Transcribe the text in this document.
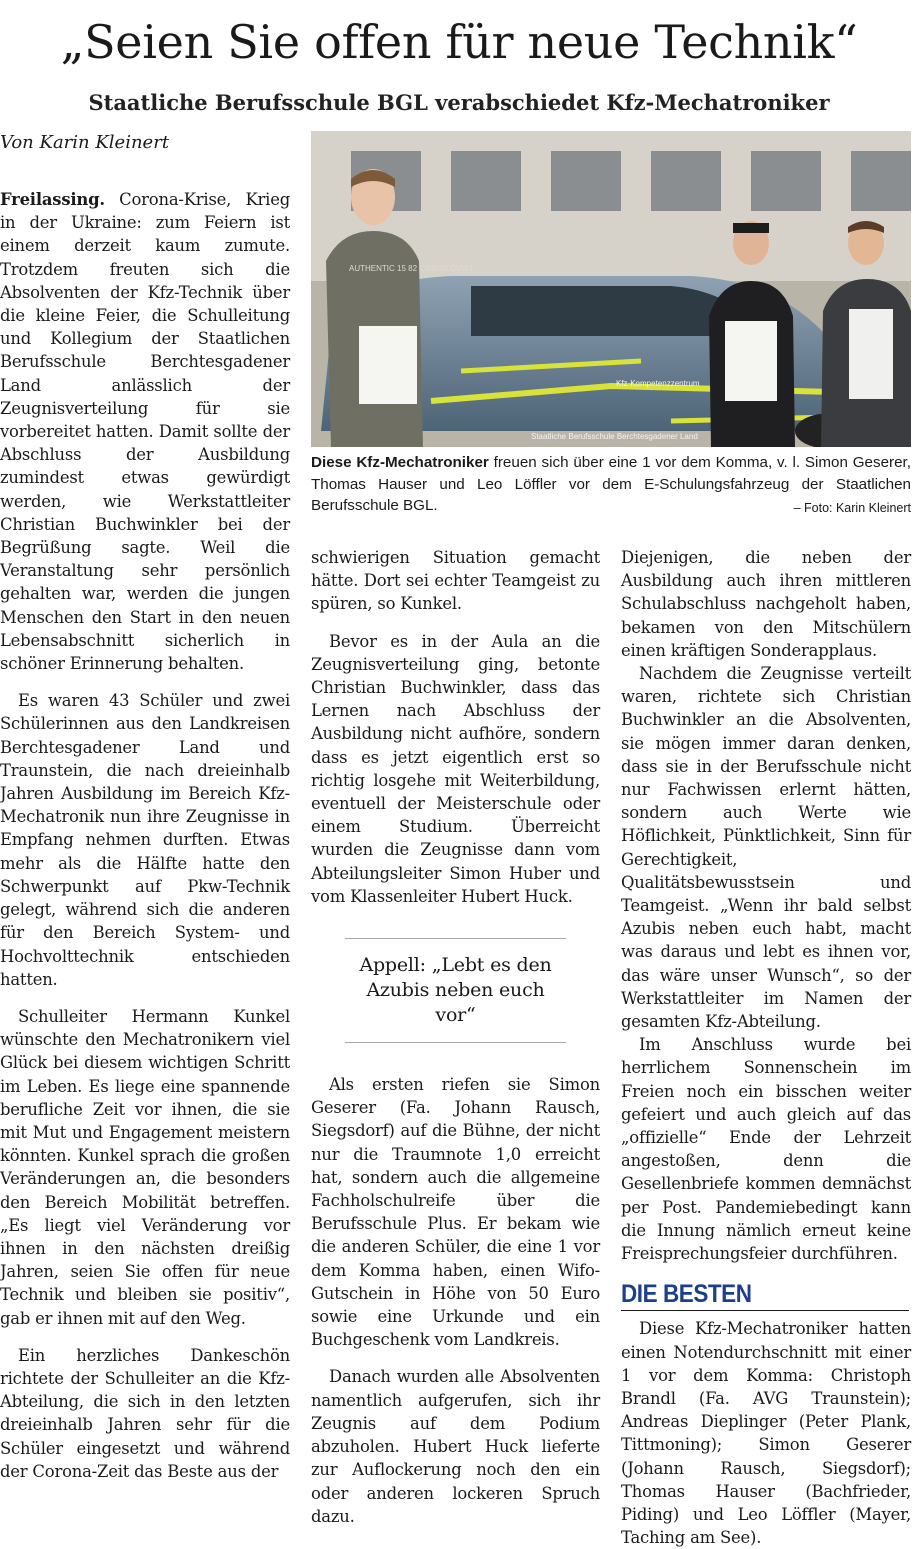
„Seien Sie offen für neue Technik“
Staatliche Berufsschule BGL verabschiedet Kfz-Mechatroniker
Von Karin Kleinert

Freilassing. Corona-Krise, Krieg in der Ukraine: zum Feiern ist einem derzeit kaum zumute. Trotzdem freuten sich die Absolventen der Kfz-Technik über die kleine Feier, die Schulleitung und Kollegium der Staatlichen Berufsschule Berchtesgadener Land anlässlich der Zeugnisverteilung für sie vorbereitet hatten. Damit sollte der Abschluss der Ausbildung zumindest etwas gewürdigt werden, wie Werkstattleiter Christian Buchwinkler bei der Begrüßung sagte. Weil die Veranstaltung sehr persönlich gehalten war, werden die jungen Menschen den Start in den neuen Lebensabschnitt sicherlich in schöner Erinnerung behalten.

Es waren 43 Schüler und zwei Schülerinnen aus den Landkreisen Berchtesgadener Land und Traunstein, die nach dreieinhalb Jahren Ausbildung im Bereich Kfz-Mechatronik nun ihre Zeugnisse in Empfang nehmen durften. Etwas mehr als die Hälfte hatte den Schwerpunkt auf Pkw-Technik gelegt, während sich die anderen für den Bereich System- und Hochvolttechnik entschieden hatten.

Schulleiter Hermann Kunkel wünschte den Mechatronikern viel Glück bei diesem wichtigen Schritt im Leben. Es liege eine spannende berufliche Zeit vor ihnen, die sie mit Mut und Engagement meistern könnten. Kunkel sprach die großen Veränderungen an, die besonders den Bereich Mobilität betreffen. „Es liegt viel Veränderung vor ihnen in den nächsten dreißig Jahren, seien Sie offen für neue Technik und bleiben sie positiv“, gab er ihnen mit auf den Weg.

Ein herzliches Dankeschön richtete der Schulleiter an die Kfz-Abteilung, die sich in den letzten dreieinhalb Jahren sehr für die Schüler eingesetzt und während der Corona-Zeit das Beste aus der

Kfz-Kompetenzzentrum
Staatliche Berufsschule Berchtesgadener Land
AUTHENTIC 15 82 CRSNG DVSN
Diese Kfz-Mechatroniker freuen sich über eine 1 vor dem Komma, v. l. Simon Geserer, Thomas Hauser und Leo Löffler vor dem E-Schulungsfahrzeug der Staatlichen Berufsschule BGL.	– Foto: Karin Kleinert

schwierigen Situation gemacht hätte. Dort sei echter Teamgeist zu spüren, so Kunkel.

Bevor es in der Aula an die Zeugnisverteilung ging, betonte Christian Buchwinkler, dass das Lernen nach Abschluss der Ausbildung nicht aufhöre, sondern dass es jetzt eigentlich erst so richtig losgehe mit Weiterbildung, eventuell der Meisterschule oder einem Studium. Überreicht wurden die Zeugnisse dann vom Abteilungsleiter Simon Huber und vom Klassenleiter Hubert Huck.

Appell: „Lebt es den Azubis neben euch vor“

Als ersten riefen sie Simon Geserer (Fa. Johann Rausch, Siegsdorf) auf die Bühne, der nicht nur die Traumnote 1,0 erreicht hat, sondern auch die allgemeine Fachholschulreife über die Berufsschule Plus. Er bekam wie die anderen Schüler, die eine 1 vor dem Komma haben, einen Wifo-Gutschein in Höhe von 50 Euro sowie eine Urkunde und ein Buchgeschenk vom Landkreis.

Danach wurden alle Absolventen namentlich aufgerufen, sich ihr Zeugnis auf dem Podium abzuholen. Hubert Huck lieferte zur Auflockerung noch den ein oder anderen lockeren Spruch dazu.

Diejenigen, die neben der Ausbildung auch ihren mittleren Schulabschluss nachgeholt haben, bekamen von den Mitschülern einen kräftigen Sonderapplaus.

Nachdem die Zeugnisse verteilt waren, richtete sich Christian Buchwinkler an die Absolventen, sie mögen immer daran denken, dass sie in der Berufsschule nicht nur Fachwissen erlernt hätten, sondern auch Werte wie Höflichkeit, Pünktlichkeit, Sinn für Gerechtigkeit, Qualitätsbewusstsein und Teamgeist. „Wenn ihr bald selbst Azubis neben euch habt, macht was daraus und lebt es ihnen vor, das wäre unser Wunsch“, so der Werkstattleiter im Namen der gesamten Kfz-Abteilung.

Im Anschluss wurde bei herrlichem Sonnenschein im Freien noch ein bisschen weiter gefeiert und auch gleich auf das „offizielle“ Ende der Lehrzeit angestoßen, denn die Gesellenbriefe kommen demnächst per Post. Pandemiebedingt kann die Innung nämlich erneut keine Freisprechungsfeier durchführen.

DIE BESTEN

Diese Kfz-Mechatroniker hatten einen Notendurchschnitt mit einer 1 vor dem Komma: Christoph Brandl (Fa. AVG Traunstein); Andreas Dieplinger (Peter Plank, Tittmoning); Simon Geserer (Johann Rausch, Siegsdorf); Thomas Hauser (Bachfrieder, Piding) und Leo Löffler (Mayer, Taching am See).
